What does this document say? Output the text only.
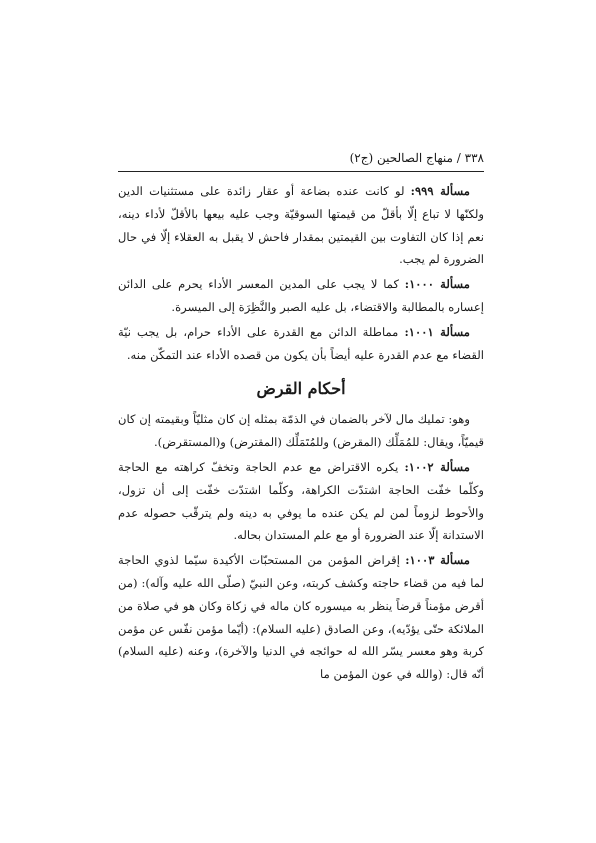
٣٣٨ / منهاج الصالحين (ج٢)

مسألة ٩٩٩: لو كانت عنده بضاعة أو عقار زائدة على مستثنيات الدين ولكنّها لا تباع إلّا بأقلّ من قيمتها السوقيّة وجب عليه بيعها بالأقلّ لأداء دينه، نعم إذا كان التفاوت بين القيمتين بمقدار فاحش لا يقبل به العقلاء إلّا في حال الضرورة لم يجب.

مسألة ١٠٠٠: كما لا يجب على المدين المعسر الأداء يحرم على الدائن إعساره بالمطالبة والاقتضاء، بل عليه الصبر والنَّظِرَة إلى الميسرة.

مسألة ١٠٠١: مماطلة الدائن مع القدرة على الأداء حرام، بل يجب نيّة القضاء مع عدم القدرة عليه أيضاً بأن يكون من قصده الأداء عند التمكّن منه.

أحكام القرض

وهو: تمليك مال لآخر بالضمان في الذمّة بمثله إن كان مثليّاً وبقيمته إن كان قيميّاً، ويقال: للمُمَلِّك (المقرض) وللمُتَمَلِّك (المقترض) و(المستقرض).

مسألة ١٠٠٢: يكره الاقتراض مع عدم الحاجة وتخفّ كراهته مع الحاجة وكلّما خفّت الحاجة اشتدّت الكراهة، وكلّما اشتدّت خفّت إلى أن تزول، والأحوط لزوماً لمن لم يكن عنده ما يوفي به دينه ولم يترقّب حصوله عدم الاستدانة إلّا عند الضرورة أو مع علم المستدان بحاله.

مسألة ١٠٠٣: إقراض المؤمن من المستحبّات الأكيدة سيّما لذوي الحاجة لما فيه من قضاء حاجته وكشف كربته، وعن النبيّ (صلّى الله عليه وآله): (من أقرض مؤمناً قرضاً ينظر به ميسوره كان ماله في زكاة وكان هو في صلاة من الملائكة حتّى يؤدّيه)، وعن الصادق (عليه السلام): (أيّما مؤمن نفّس عن مؤمن كربة وهو معسر يسّر الله له حوائجه في الدنيا والآخرة)، وعنه (عليه السلام) أنّه قال: (والله في عون المؤمن ما
